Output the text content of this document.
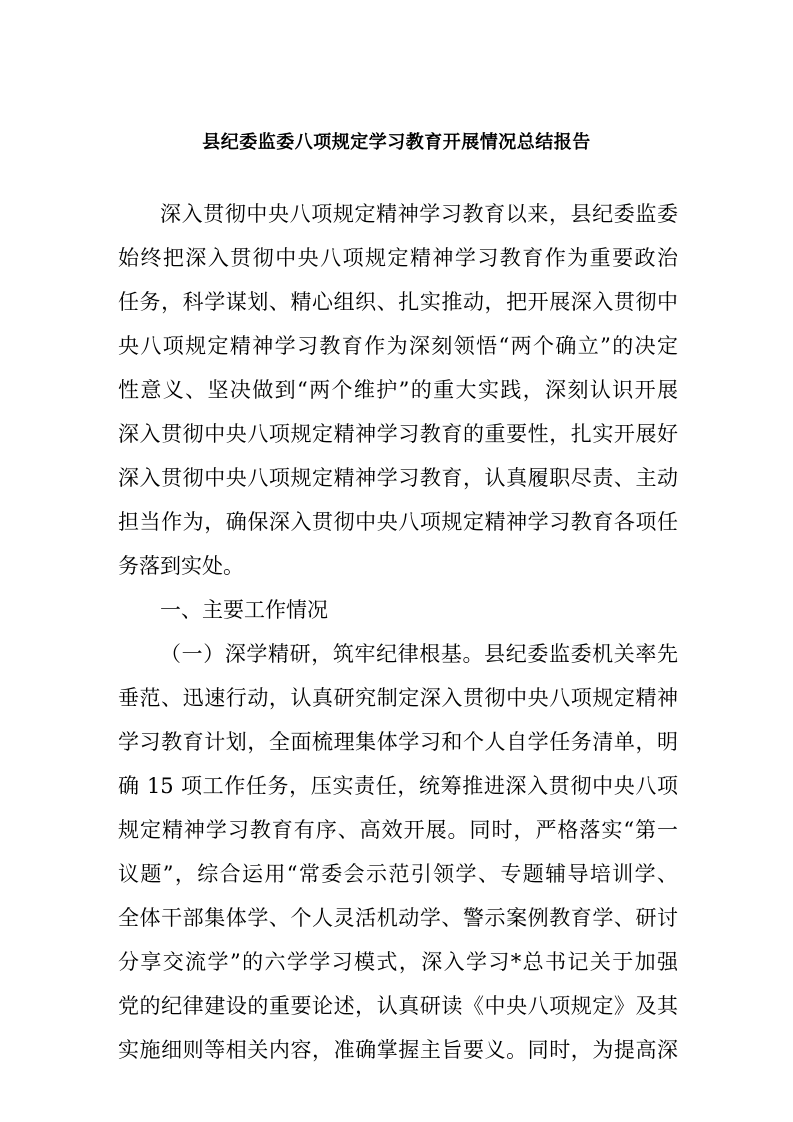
县纪委监委八项规定学习教育开展情况总结报告
深入贯彻中央八项规定精神学习教育以来，县纪委监委
始终把深入贯彻中央八项规定精神学习教育作为重要政治
任务，科学谋划、精心组织、扎实推动，把开展深入贯彻中
央八项规定精神学习教育作为深刻领悟“两个确立”的决定
性意义、坚决做到“两个维护”的重大实践，深刻认识开展
深入贯彻中央八项规定精神学习教育的重要性，扎实开展好
深入贯彻中央八项规定精神学习教育，认真履职尽责、主动
担当作为，确保深入贯彻中央八项规定精神学习教育各项任
务落到实处。
一、主要工作情况
（一）深学精研，筑牢纪律根基。县纪委监委机关率先
垂范、迅速行动，认真研究制定深入贯彻中央八项规定精神
学习教育计划，全面梳理集体学习和个人自学任务清单，明
确 15 项工作任务，压实责任，统筹推进深入贯彻中央八项
规定精神学习教育有序、高效开展。同时，严格落实“第一
议题”，综合运用“常委会示范引领学、专题辅导培训学、
全体干部集体学、个人灵活机动学、警示案例教育学、研讨
分享交流学”的六学学习模式，深入学习*总书记关于加强
党的纪律建设的重要论述，认真研读《中央八项规定》及其
实施细则等相关内容，准确掌握主旨要义。同时，为提高深
